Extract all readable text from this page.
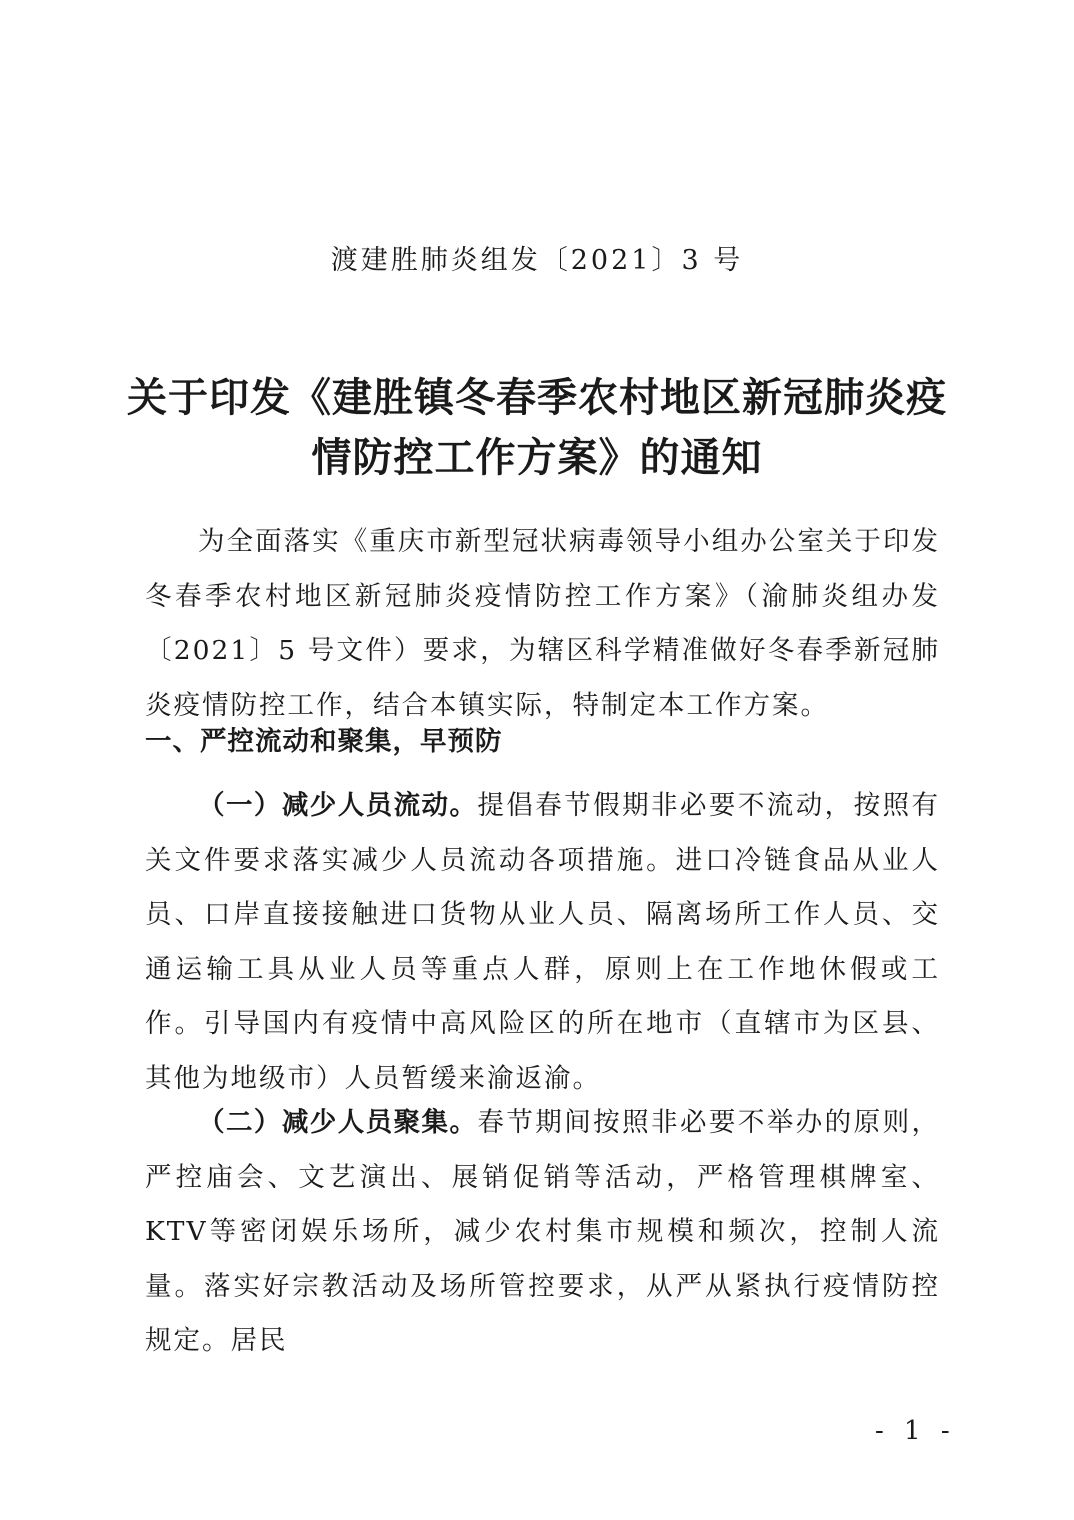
渡建胜肺炎组发〔2021〕3 号
关于印发《建胜镇冬春季农村地区新冠肺炎疫
情防控工作方案》的通知
为全面落实《重庆市新型冠状病毒领导小组办公室关于印发冬春季农村地区新冠肺炎疫情防控工作方案》（渝肺炎组办发〔2021〕5 号文件）要求，为辖区科学精准做好冬春季新冠肺炎疫情防控工作，结合本镇实际，特制定本工作方案。
一、严控流动和聚集，早预防
（一）减少人员流动。提倡春节假期非必要不流动，按照有关文件要求落实减少人员流动各项措施。进口冷链食品从业人员、口岸直接接触进口货物从业人员、隔离场所工作人员、交通运输工具从业人员等重点人群，原则上在工作地休假或工作。引导国内有疫情中高风险区的所在地市（直辖市为区县、其他为地级市）人员暂缓来渝返渝。
（二）减少人员聚集。春节期间按照非必要不举办的原则，严控庙会、文艺演出、展销促销等活动，严格管理棋牌室、KTV等密闭娱乐场所，减少农村集市规模和频次，控制人流量。落实好宗教活动及场所管控要求，从严从紧执行疫情防控规定。居民
- 1 -
